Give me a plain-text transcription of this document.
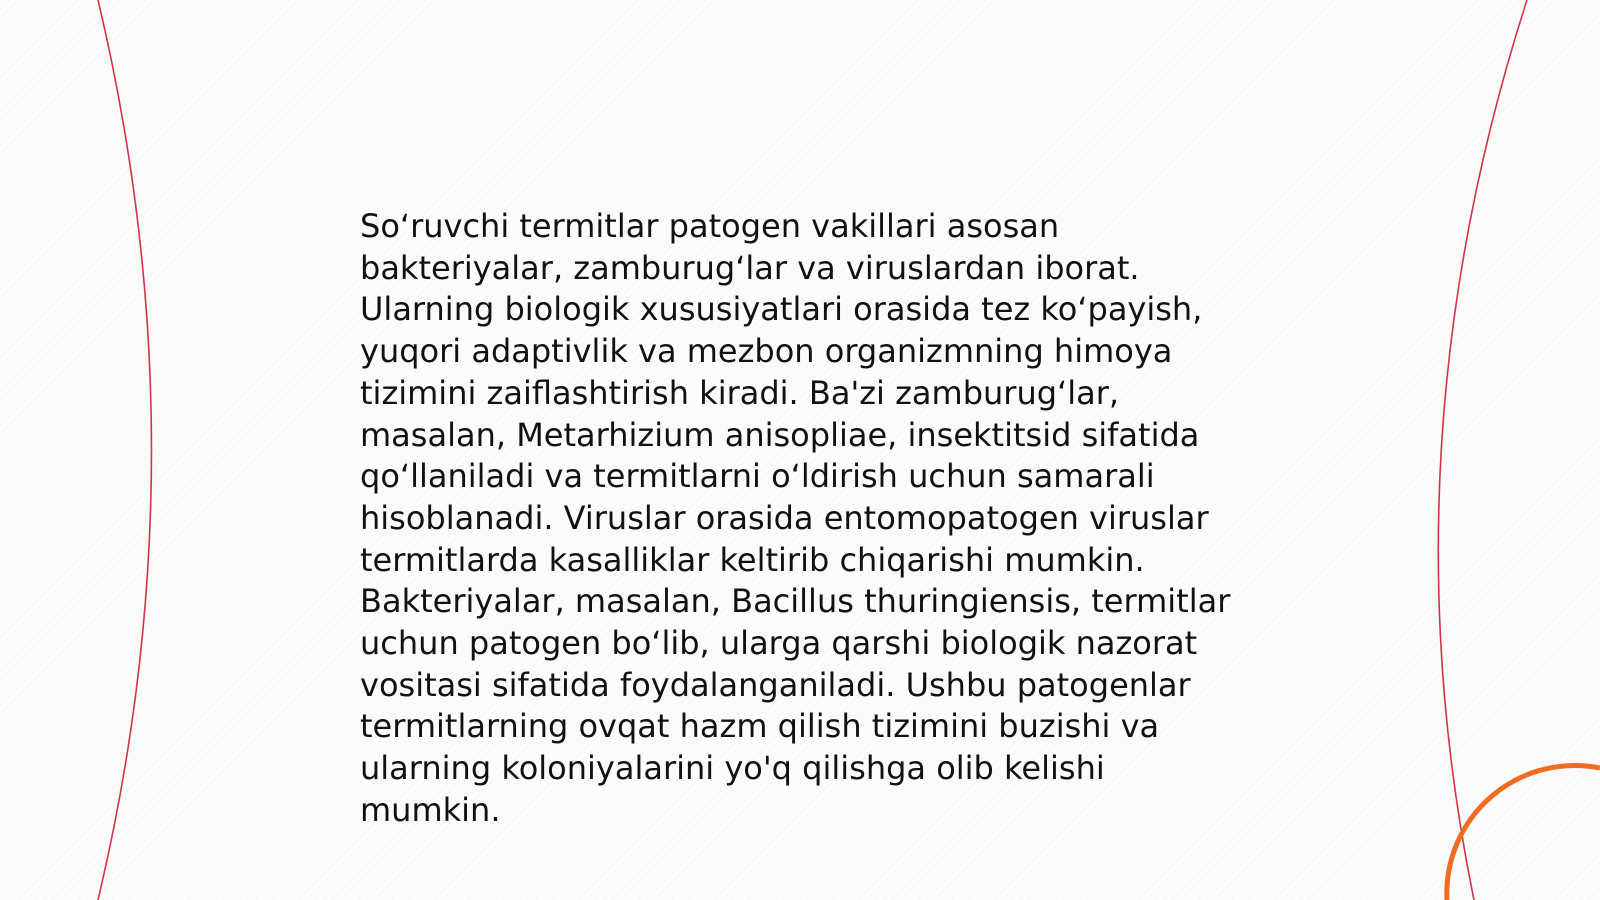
So‘ruvchi termitlar patogen vakillari asosan
bakteriyalar, zamburug‘lar va viruslardan iborat.
Ularning biologik xususiyatlari orasida tez ko‘payish,
yuqori adaptivlik va mezbon organizmning himoya
tizimini zaiflashtirish kiradi. Ba'zi zamburug‘lar,
masalan, Metarhizium anisopliae, insektitsid sifatida
qo‘llaniladi va termitlarni o‘ldirish uchun samarali
hisoblanadi. Viruslar orasida entomopatogen viruslar
termitlarda kasalliklar keltirib chiqarishi mumkin.
Bakteriyalar, masalan, Bacillus thuringiensis, termitlar
uchun patogen bo‘lib, ularga qarshi biologik nazorat
vositasi sifatida foydalanganiladi. Ushbu patogenlar
termitlarning ovqat hazm qilish tizimini buzishi va
ularning koloniyalarini yo'q qilishga olib kelishi
mumkin.
